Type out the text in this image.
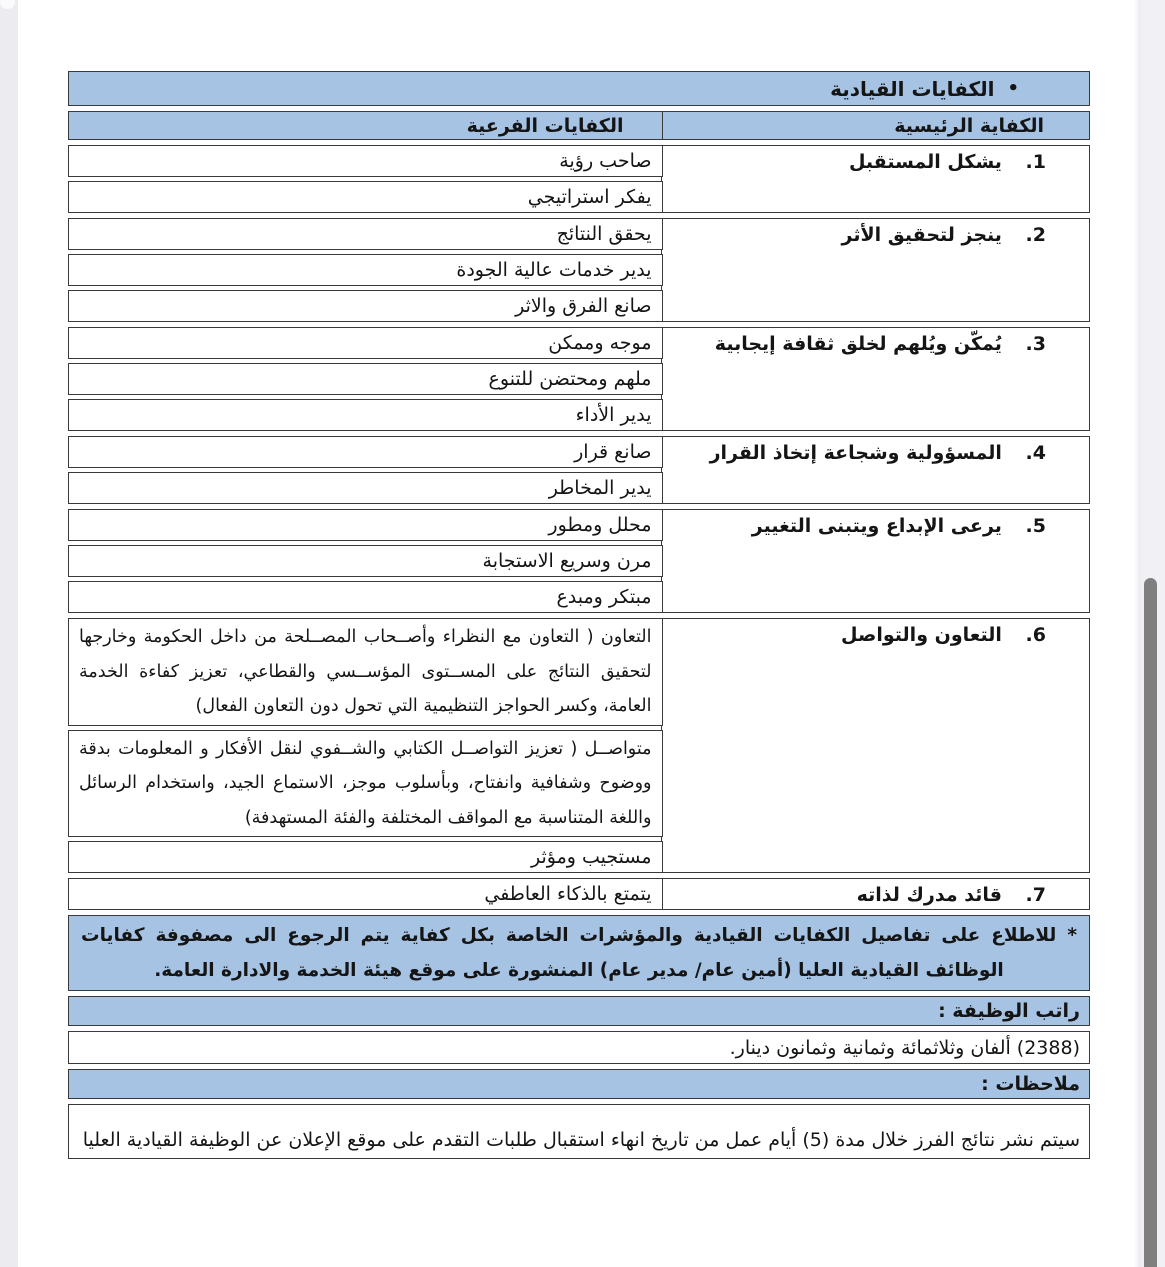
•
الكفايات القيادية
الكفاية الرئيسية
الكفايات الفرعية
1. يشكل المستقبل
صاحب رؤية
يفكر استراتيجي
2. ينجز لتحقيق الأثر
يحقق النتائج
يدير خدمات عالية الجودة
صانع الفرق والاثر
3. يُمكّن ويُلهم لخلق ثقافة إيجابية
موجه وممكن
ملهم ومحتضن للتنوع
يدير الأداء
4. المسؤولية وشجاعة إتخاذ القرار
صانع قرار
يدير المخاطر
5. يرعى الإبداع ويتبنى التغيير
محلل ومطور
مرن وسريع الاستجابة
مبتكر ومبدع
6. التعاون والتواصل
التعاون ( التعاون مع النظراء وأصــحاب المصــلحة من داخل الحكومة وخارجها لتحقيق النتائج على المســتوى المؤســسي والقطاعي، تعزيز كفاءة الخدمة العامة، وكسر الحواجز التنظيمية التي تحول دون التعاون الفعال)
متواصــل ( تعزيز التواصــل الكتابي والشــفوي لنقل الأفكار و المعلومات بدقة ووضوح وشفافية وانفتاح، وبأسلوب موجز، الاستماع الجيد، واستخدام الرسائل واللغة المتناسبة مع المواقف المختلفة والفئة المستهدفة)
مستجيب ومؤثر
7. قائد مدرك لذاته
يتمتع بالذكاء العاطفي
* للاطلاع على تفاصيل الكفايات القيادية والمؤشرات الخاصة بكل كفاية يتم الرجوع الى مصفوفة كفايات الوظائف القيادية العليا (أمين عام/ مدير عام) المنشورة على موقع هيئة الخدمة والادارة العامة.
راتب الوظيفة :
(2388) ألفان وثلاثمائة وثمانية وثمانون دينار.
ملاحظات :
سيتم نشر نتائج الفرز خلال مدة (5) أيام عمل من تاريخ انهاء استقبال طلبات التقدم على موقع الإعلان عن الوظيفة القيادية العليا
